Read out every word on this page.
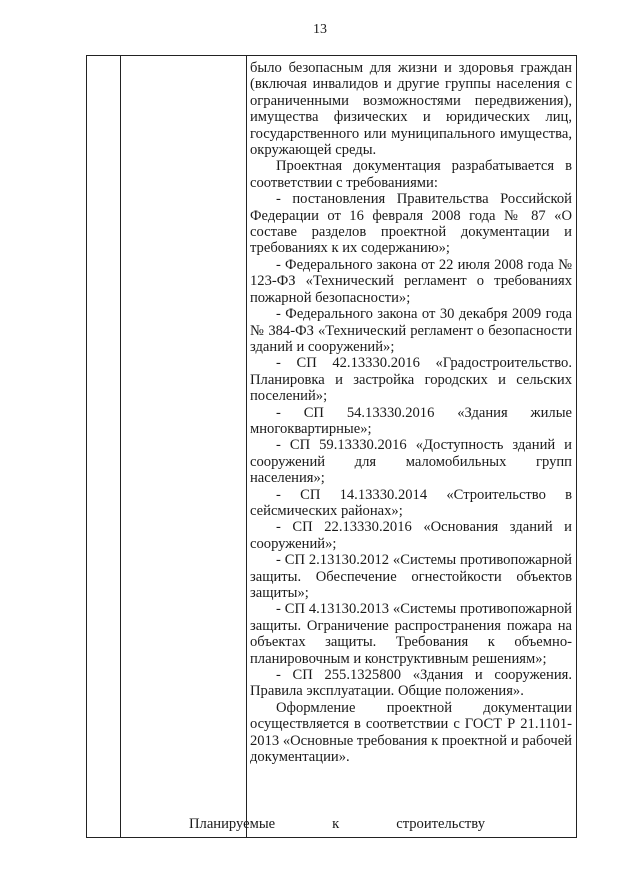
13

было безопасным для жизни и здоровья граждан (включая инвалидов и другие группы населения с ограниченными возможностями передвижения), имущества физических и юридических лиц, государственного или муниципального имущества, окружающей среды.

Проектная документация разрабатывается в соответствии с требованиями:

- постановления Правительства Российской Федерации от 16 февраля 2008 года № 87 «О составе разделов проектной документации и требованиях к их содержанию»;

- Федерального закона от 22 июля 2008 года № 123-ФЗ «Технический регламент о требованиях пожарной безопасности»;

- Федерального закона от 30 декабря 2009 года № 384-ФЗ «Технический регламент о безопасности зданий и сооружений»;

- СП 42.13330.2016 «Градостроительство. Планировка и застройка городских и сельских поселений»;

- СП 54.13330.2016 «Здания жилые многоквартирные»;

- СП 59.13330.2016 «Доступность зданий и сооружений для маломобильных групп населения»;

- СП 14.13330.2014 «Строительство в сейсмических районах»;

- СП 22.13330.2016 «Основания зданий и сооружений»;

- СП 2.13130.2012 «Системы противопожарной защиты. Обеспечение огнестойкости объектов защиты»;

- СП 4.13130.2013 «Системы противопожарной защиты. Ограничение распространения пожара на объектах защиты. Требования к объемно-планировочным и конструктивным решениям»;

- СП 255.1325800 «Здания и сооружения. Правила эксплуатации. Общие положения».

Оформление проектной документации осуществляется в соответствии с ГОСТ Р 21.1101-2013 «Основные требования к проектной и рабочей документации».

Планируемые к строительству
